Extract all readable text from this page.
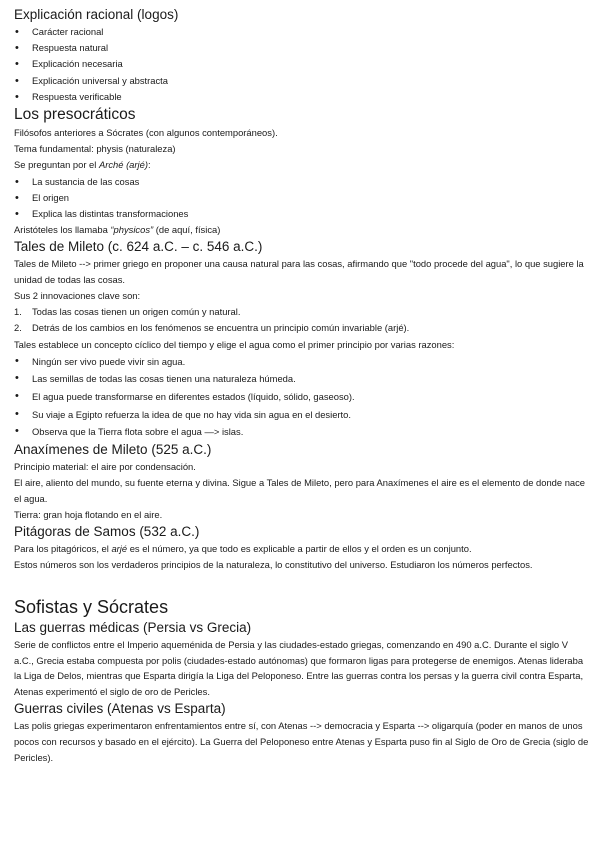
Explicación racional (logos)
• Carácter racional
• Respuesta natural
• Explicación necesaria
• Explicación universal y abstracta
• Respuesta verificable
Los presocráticos

Filósofos anteriores a Sócrates (con algunos contemporáneos).

Tema fundamental: physis (naturaleza)

Se preguntan por el Arché (arjé):

• La sustancia de las cosas
• El origen
• Explica las distintas transformaciones

Aristóteles los llamaba “physicos” (de aquí, física)

Tales de Mileto (c. 624 a.C. – c. 546 a.C.)

Tales de Mileto --> primer griego en proponer una causa natural para las cosas, afirmando que "todo procede del agua", lo que sugiere la unidad de todas las cosas.

Sus 2 innovaciones clave son:

1. Todas las cosas tienen un origen común y natural.
2. Detrás de los cambios en los fenómenos se encuentra un principio común invariable (arjé).

Tales establece un concepto cíclico del tiempo y elige el agua como el primer principio por varias razones:

• Ningún ser vivo puede vivir sin agua.
• Las semillas de todas las cosas tienen una naturaleza húmeda.
• El agua puede transformarse en diferentes estados (líquido, sólido, gaseoso).
• Su viaje a Egipto refuerza la idea de que no hay vida sin agua en el desierto.
• Observa que la Tierra flota sobre el agua —> islas.
Anaxímenes de Mileto (525 a.C.)

Principio material: el aire por condensación.

El aire, aliento del mundo, su fuente eterna y divina. Sigue a Tales de Mileto, pero para Anaxímenes el aire es el elemento de donde nace el agua.

Tierra: gran hoja flotando en el aire.

Pitágoras de Samos (532 a.C.)

Para los pitagóricos, el arjé es el número, ya que todo es explicable a partir de ellos y el orden es un conjunto.

Estos números son los verdaderos principios de la naturaleza, lo constitutivo del universo. Estudiaron los números perfectos.

Sofistas y Sócrates
Las guerras médicas (Persia vs Grecia)

Serie de conflictos entre el Imperio aqueménida de Persia y las ciudades-estado griegas, comenzando en 490 a.C. Durante el siglo V a.C., Grecia estaba compuesta por polis (ciudades-estado autónomas) que formaron ligas para protegerse de enemigos. Atenas lideraba la Liga de Delos, mientras que Esparta dirigía la Liga del Peloponeso. Entre las guerras contra los persas y la guerra civil contra Esparta, Atenas experimentó el siglo de oro de Pericles.

Guerras civiles (Atenas vs Esparta)

Las polis griegas experimentaron enfrentamientos entre sí, con Atenas --> democracia y Esparta --> oligarquía (poder en manos de unos pocos con recursos y basado en el ejército). La Guerra del Peloponeso entre Atenas y Esparta puso fin al Siglo de Oro de Grecia (siglo de Pericles).
